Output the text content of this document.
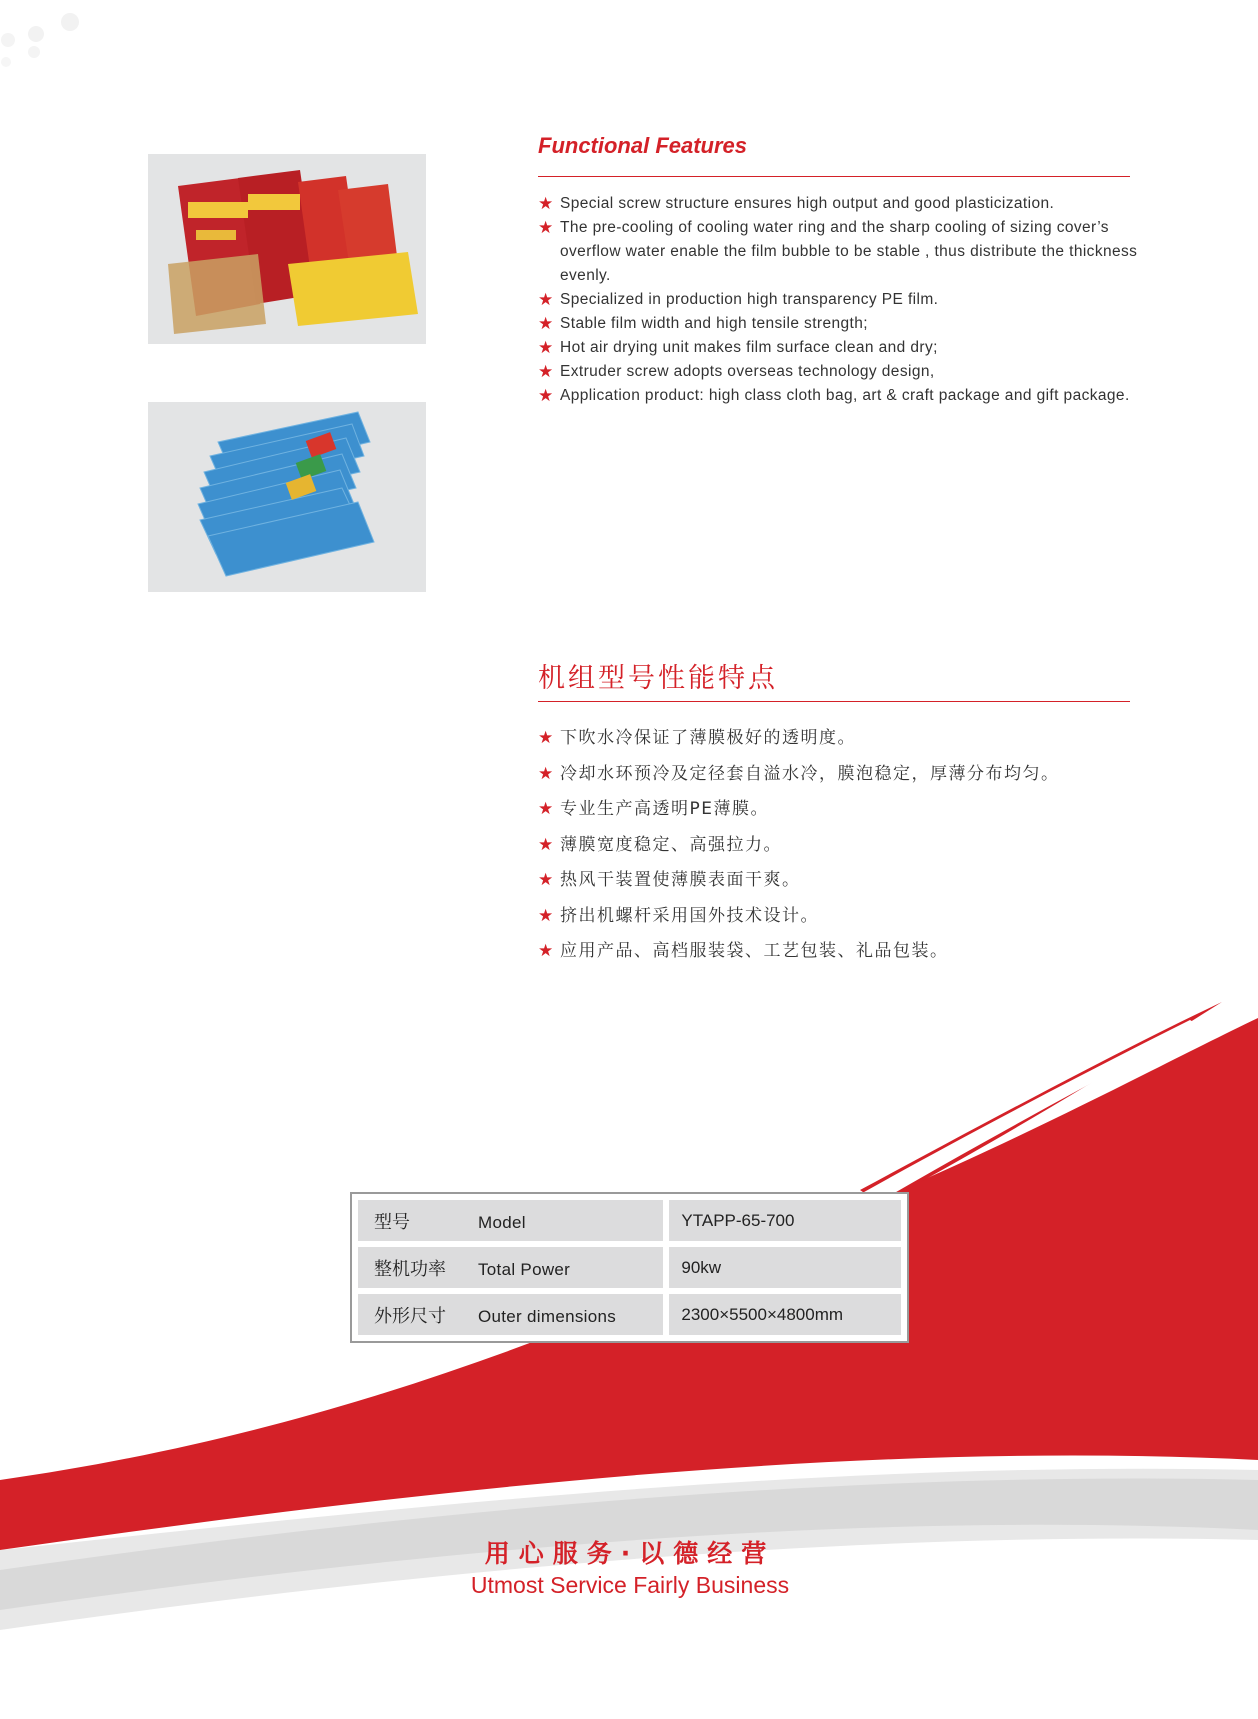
Functional Features
★ Special screw structure ensures high output and good plasticization.
★ The pre-cooling of cooling water ring and the sharp cooling of sizing cover’s overflow water enable the film bubble to be stable , thus distribute the thickness evenly.
★ Specialized in production high transparency PE film.
★ Stable film width and high tensile strength;
★ Hot air drying unit makes film surface clean and dry;
★ Extruder screw adopts overseas technology design,
★ Application product: high class cloth bag, art & craft package and gift package.
机组型号性能特点
★ 下吹水冷保证了薄膜极好的透明度。
★ 冷却水环预冷及定径套自溢水冷，膜泡稳定，厚薄分布均匀。
★ 专业生产高透明PE薄膜。
★ 薄膜宽度稳定、高强拉力。
★ 热风干装置使薄膜表面干爽。
★ 挤出机螺杆采用国外技术设计。
★ 应用产品、高档服装袋、工艺包装、礼品包装。
型号 Model	YTAPP-65-700
整机功率 Total Power	90kw
外形尺寸 Outer dimensions	2300×5500×4800mm
用心服务·以德经营
Utmost Service Fairly Business
